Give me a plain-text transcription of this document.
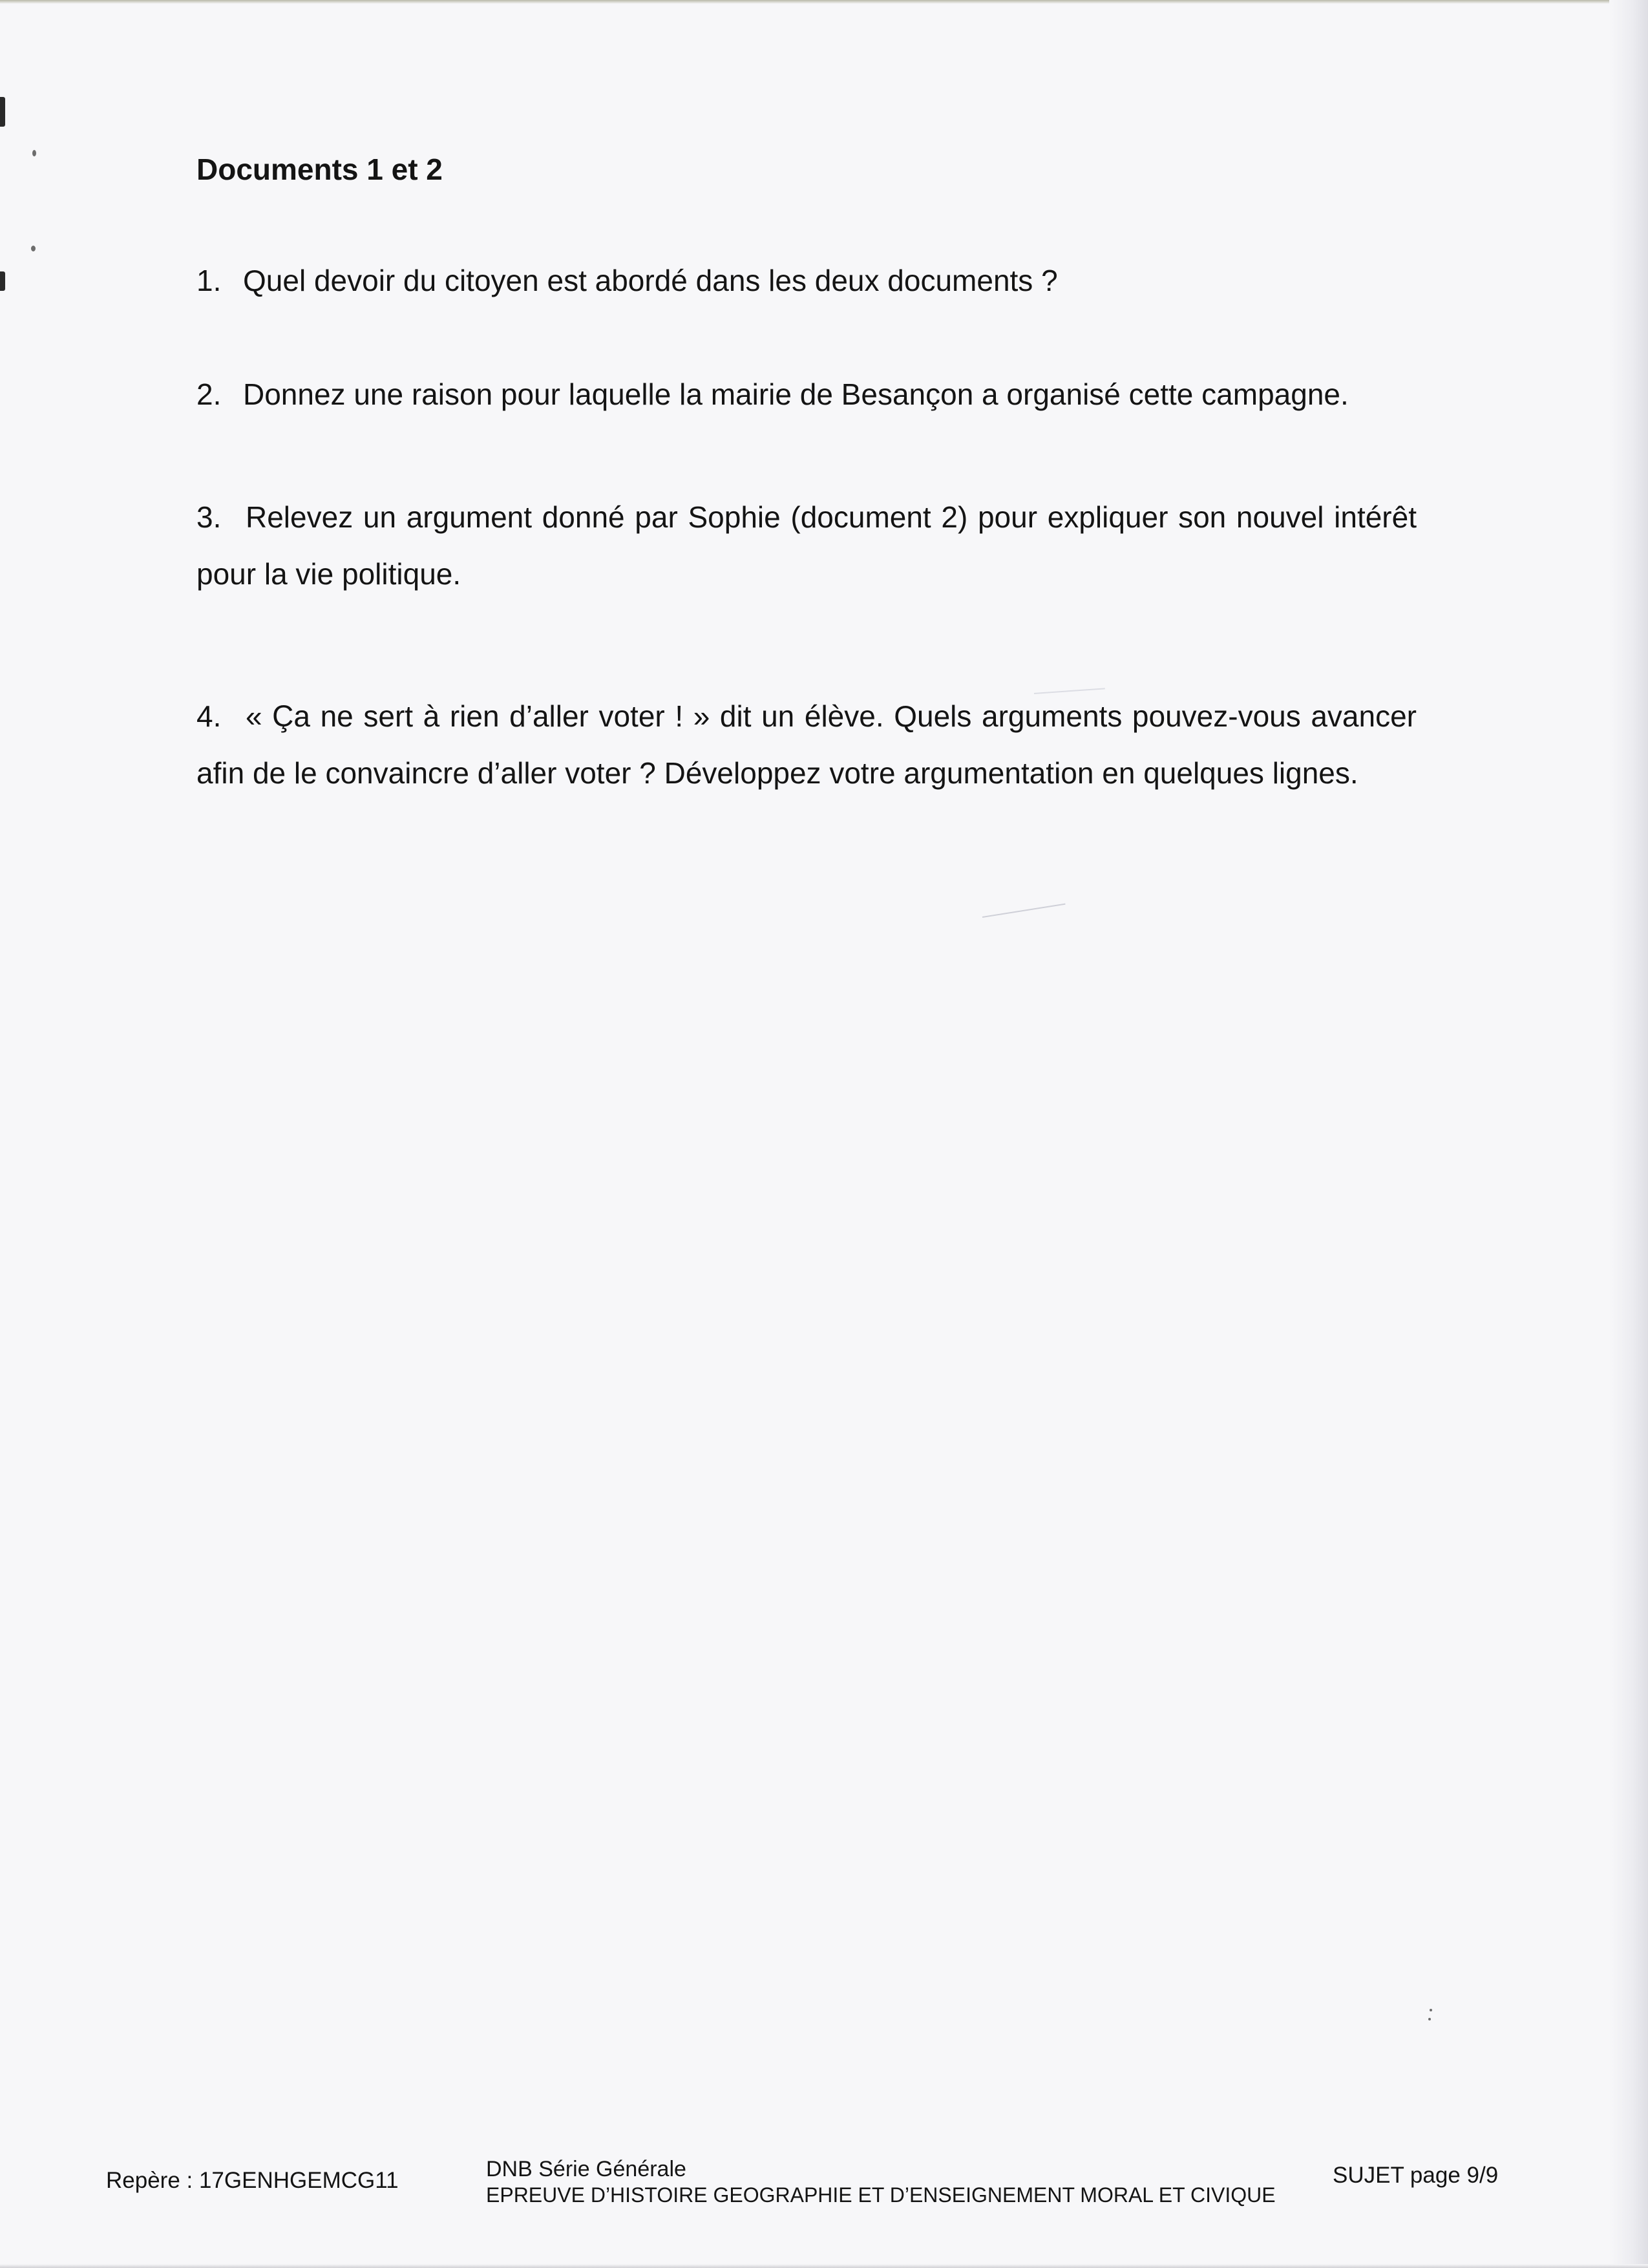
Documents 1 et 2
1. Quel devoir du citoyen est abordé dans les deux documents ?
2. Donnez une raison pour laquelle la mairie de Besançon a organisé cette campagne.
3. Relevez un argument donné par Sophie (document 2) pour expliquer son nouvel intérêt pour la vie politique.
4. « Ça ne sert à rien d’aller voter ! » dit un élève. Quels arguments pouvez-vous avancer afin de le convaincre d’aller voter ? Développez votre argumentation en quelques lignes.
Repère : 17GENHGEMCG11	DNB Série Générale
EPREUVE D’HISTOIRE GEOGRAPHIE ET D’ENSEIGNEMENT MORAL ET CIVIQUE
SUJET page 9/9
